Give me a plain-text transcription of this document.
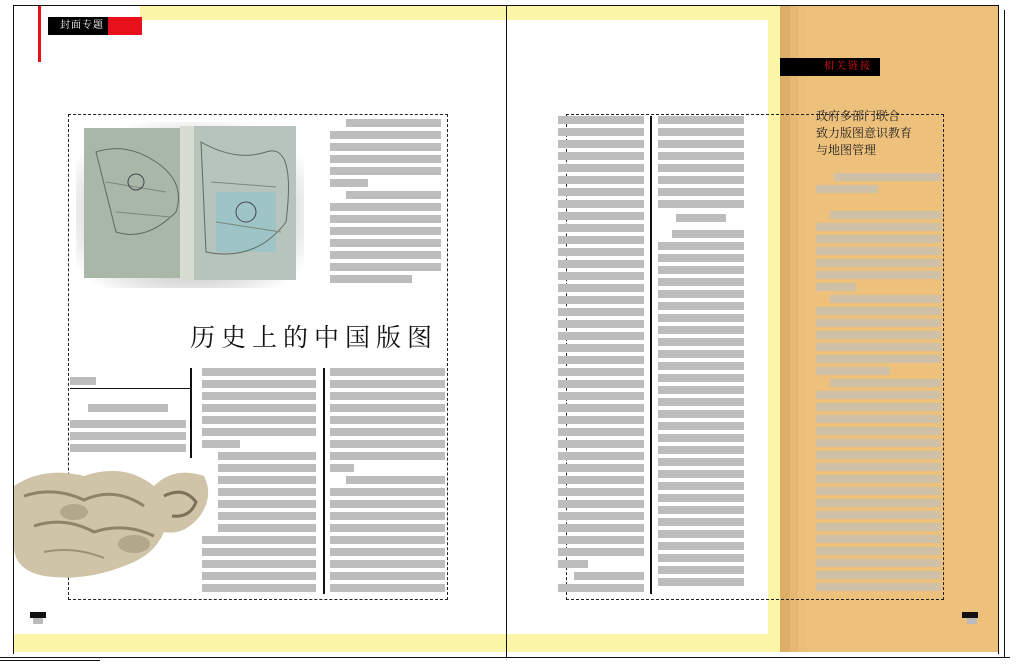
封面专题
历史上的中国版图
相关链接
政府多部门联合
致力版图意识教育
与地图管理
